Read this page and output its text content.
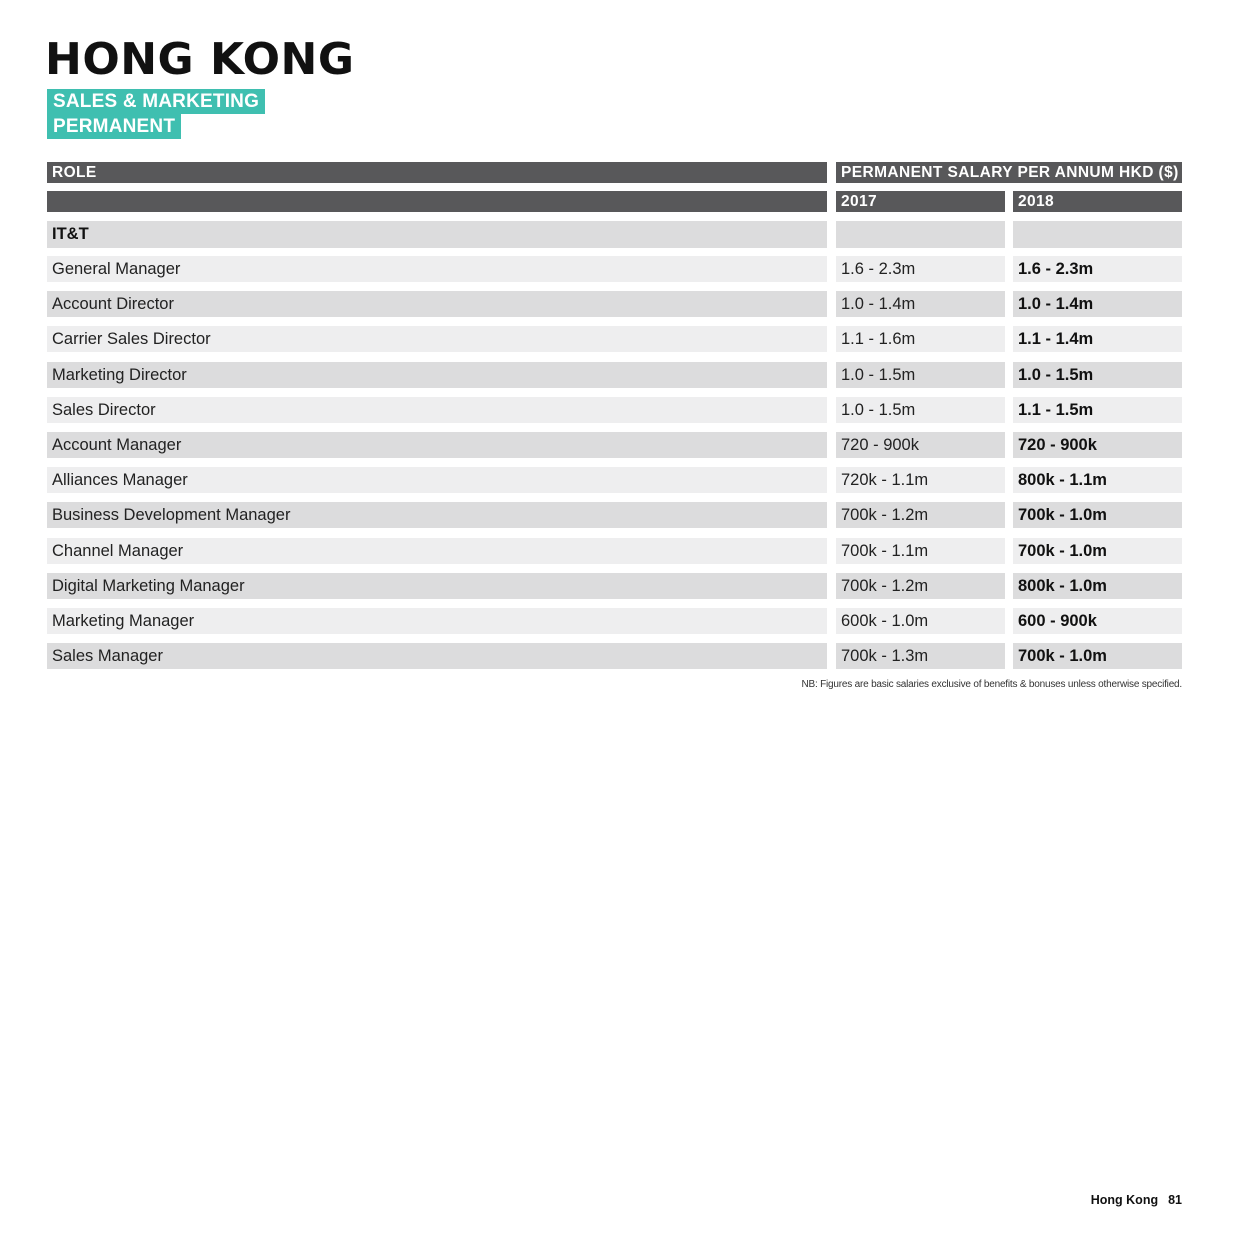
HONG KONG
SALES & MARKETING
PERMANENT
ROLE	PERMANENT SALARY PER ANNUM HKD ($)
2017	2018
IT&T
General Manager	1.6 - 2.3m	1.6 - 2.3m
Account Director	1.0 - 1.4m	1.0 - 1.4m
Carrier Sales Director	1.1 - 1.6m	1.1 - 1.4m
Marketing Director	1.0 - 1.5m	1.0 - 1.5m
Sales Director	1.0 - 1.5m	1.1 - 1.5m
Account Manager	720 - 900k	720 - 900k
Alliances Manager	720k - 1.1m	800k - 1.1m
Business Development Manager	700k - 1.2m	700k - 1.0m
Channel Manager	700k - 1.1m	700k - 1.0m
Digital Marketing Manager	700k - 1.2m	800k - 1.0m
Marketing Manager	600k - 1.0m	600 - 900k
Sales Manager	700k - 1.3m	700k - 1.0m
NB: Figures are basic salaries exclusive of benefits & bonuses unless otherwise specified.
Hong Kong 81
